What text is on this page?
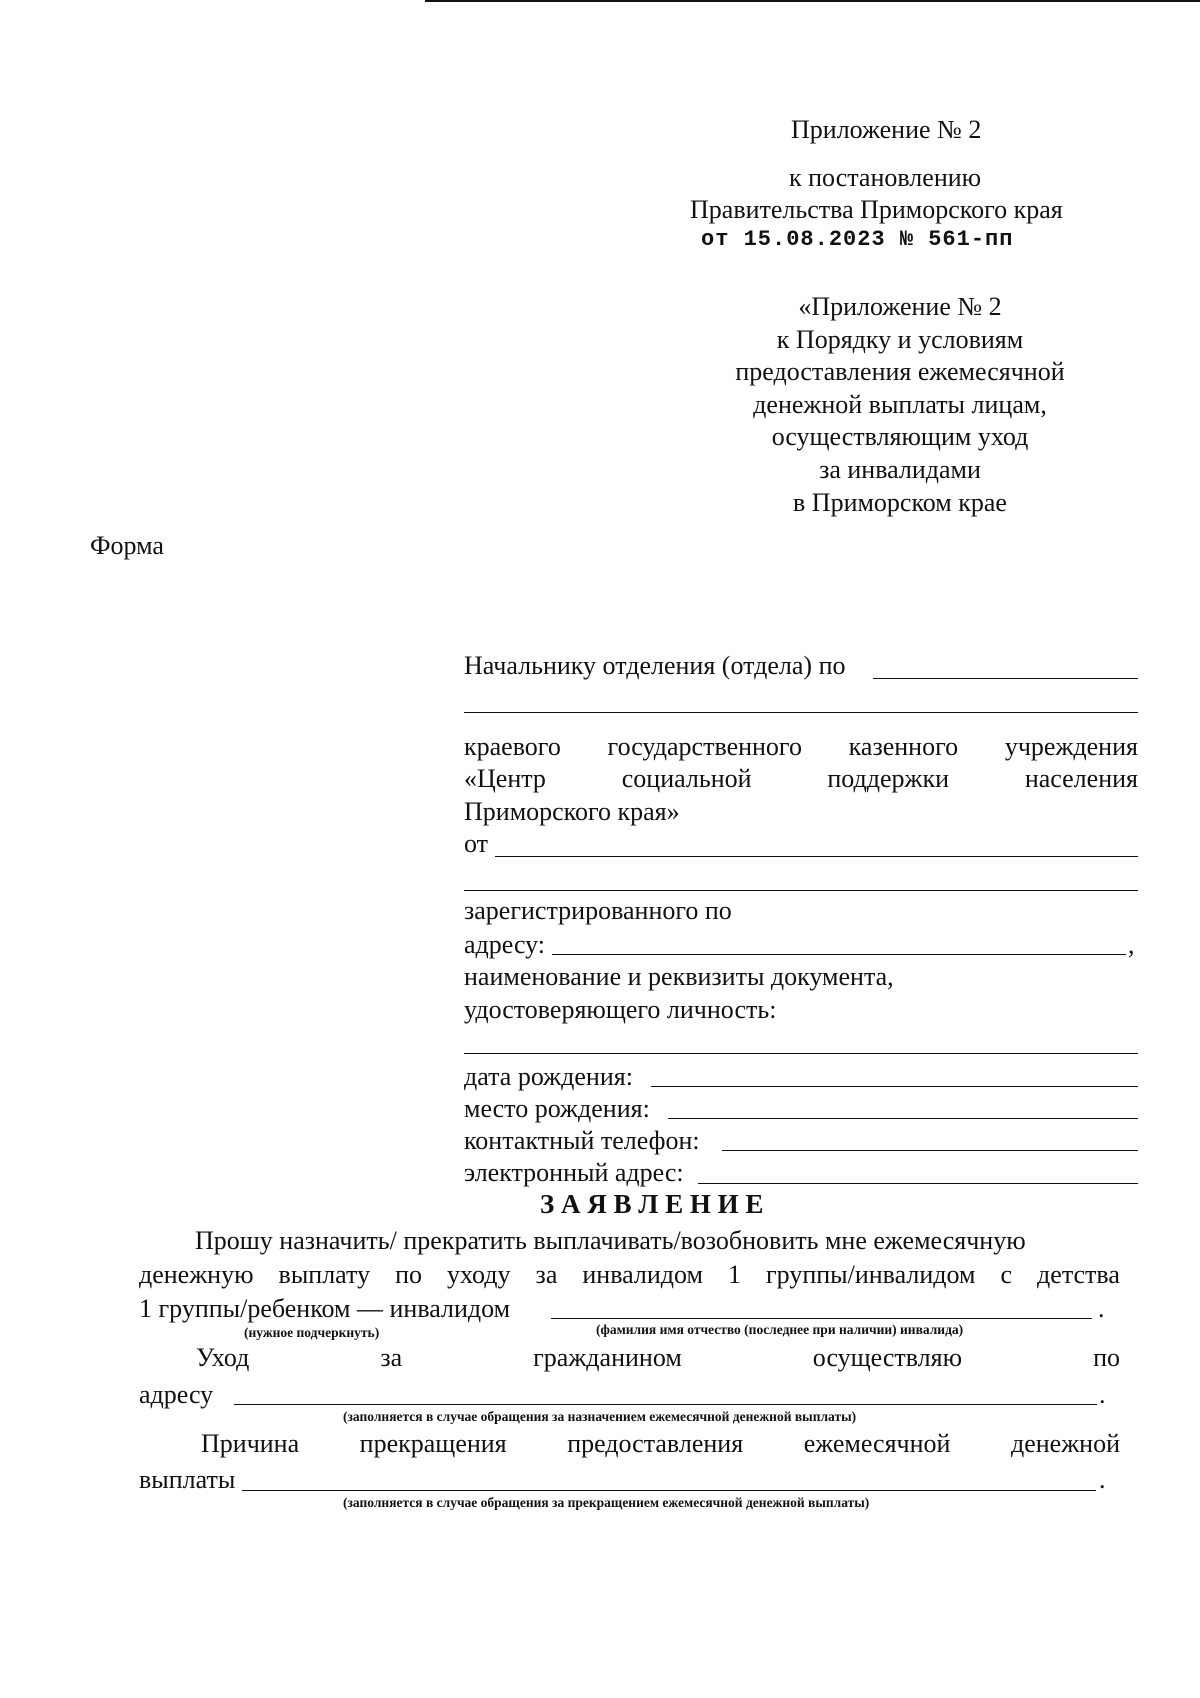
Приложение № 2
к постановлению
Правительства Приморского края
от 15.08.2023 № 561-пп
«Приложение № 2
к Порядку и условиям
предоставления ежемесячной
денежной выплаты лицам,
осуществляющим уход
за инвалидами
в Приморском крае
Форма
Начальнику отделения (отдела) по
краевого государственного казенного учреждения
«Центр	социальной	поддержки	населения
Приморского края»
от
зарегистрированного по
адресу:	,
наименование и реквизиты документа,
удостоверяющего личность:
дата рождения:
место рождения:
контактный телефон:
электронный адрес:
З А Я В Л Е Н И Е
Прошу назначить/ прекратить выплачивать/возобновить мне ежемесячную
денежную выплату по уходу за инвалидом 1 группы/инвалидом с детства
1 группы/ребенком — инвалидом	.
(нужное подчеркнуть)	(фамилия имя отчество (последнее при наличии) инвалида)
Уход	за	гражданином	осуществляю	по
адресу	.
(заполняется в случае обращения за назначением ежемесячной денежной выплаты)
Причина прекращения предоставления ежемесячной денежной
выплаты	.
(заполняется в случае обращения за прекращением ежемесячной денежной выплаты)
